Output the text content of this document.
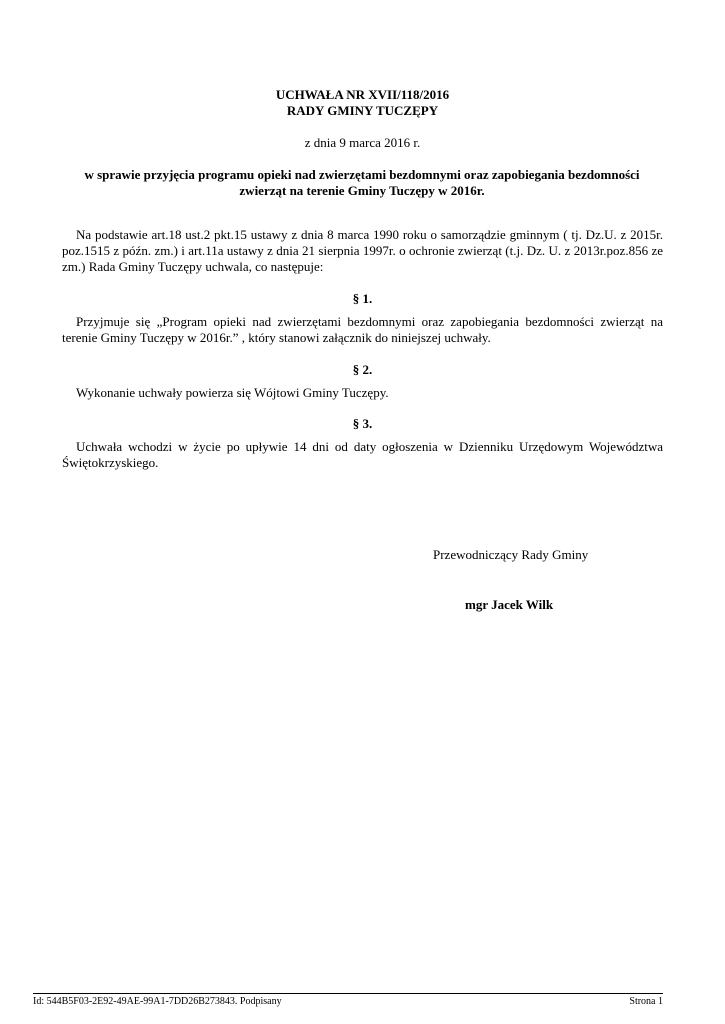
UCHWAŁA NR XVII/118/2016
RADY GMINY TUCZĘPY
z dnia 9 marca 2016 r.
w sprawie przyjęcia programu opieki nad zwierzętami bezdomnymi oraz zapobiegania bezdomności zwierząt na terenie Gminy Tuczępy w 2016r.
Na podstawie art.18 ust.2 pkt.15 ustawy z dnia 8 marca 1990 roku o samorządzie gminnym ( tj. Dz.U. z 2015r. poz.1515 z późn. zm.) i art.11a ustawy z dnia 21 sierpnia 1997r. o ochronie zwierząt (t.j. Dz. U. z 2013r.poz.856 ze zm.) Rada Gminy Tuczępy uchwala, co następuje:
§ 1.
Przyjmuje się „Program opieki nad zwierzętami bezdomnymi oraz zapobiegania bezdomności zwierząt na terenie Gminy Tuczępy w 2016r.” , który stanowi załącznik do niniejszej uchwały.
§ 2.
Wykonanie uchwały powierza się Wójtowi Gminy Tuczępy.
§ 3.
Uchwała wchodzi w życie po upływie 14 dni od daty ogłoszenia w Dzienniku Urzędowym Województwa Świętokrzyskiego.
Przewodniczący Rady Gminy
mgr Jacek Wilk
Id: 544B5F03-2E92-49AE-99A1-7DD26B273843. Podpisany	Strona 1
